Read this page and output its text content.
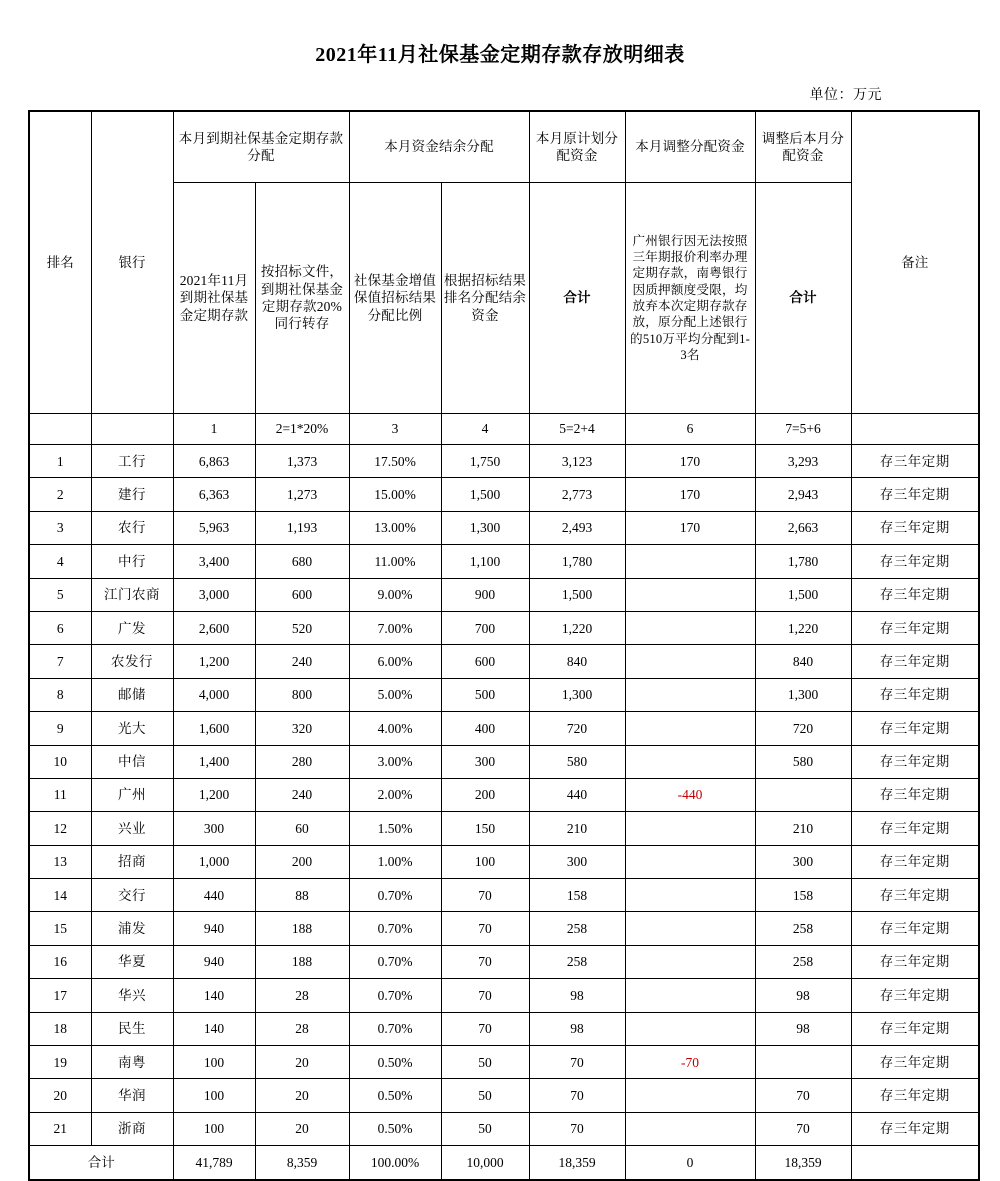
2021年11月社保基金定期存款存放明细表
单位：万元
排名	银行	本月到期社保基金定期存款分配		本月资金结余分配		本月原计划分配资金	本月调整分配资金	调整后本月分配资金	备注
		2021年11月到期社保基金定期存款	按招标文件，到期社保基金定期存款20%同行转存	社保基金增值保值招标结果分配比例	根据招标结果排名分配结余资金	合计	广州银行因无法按照三年期报价利率办理定期存款，南粤银行因质押额度受限，均放弃本次定期存款存放，原分配上述银行的510万平均分配到1-3名	合计	
		1	2=1*20%	3	4	5=2+4	6	7=5+6	
1	工行	6,863	1,373	17.50%	1,750	3,123	170	3,293	存三年定期
2	建行	6,363	1,273	15.00%	1,500	2,773	170	2,943	存三年定期
3	农行	5,963	1,193	13.00%	1,300	2,493	170	2,663	存三年定期
4	中行	3,400	680	11.00%	1,100	1,780		1,780	存三年定期
5	江门农商	3,000	600	9.00%	900	1,500		1,500	存三年定期
6	广发	2,600	520	7.00%	700	1,220		1,220	存三年定期
7	农发行	1,200	240	6.00%	600	840		840	存三年定期
8	邮储	4,000	800	5.00%	500	1,300		1,300	存三年定期
9	光大	1,600	320	4.00%	400	720		720	存三年定期
10	中信	1,400	280	3.00%	300	580		580	存三年定期
11	广州	1,200	240	2.00%	200	440	-440		存三年定期
12	兴业	300	60	1.50%	150	210		210	存三年定期
13	招商	1,000	200	1.00%	100	300		300	存三年定期
14	交行	440	88	0.70%	70	158		158	存三年定期
15	浦发	940	188	0.70%	70	258		258	存三年定期
16	华夏	940	188	0.70%	70	258		258	存三年定期
17	华兴	140	28	0.70%	70	98		98	存三年定期
18	民生	140	28	0.70%	70	98		98	存三年定期
19	南粤	100	20	0.50%	50	70	-70		存三年定期
20	华润	100	20	0.50%	50	70		70	存三年定期
21	浙商	100	20	0.50%	50	70		70	存三年定期
合计		41,789	8,359	100.00%	10,000	18,359	0	18,359	
